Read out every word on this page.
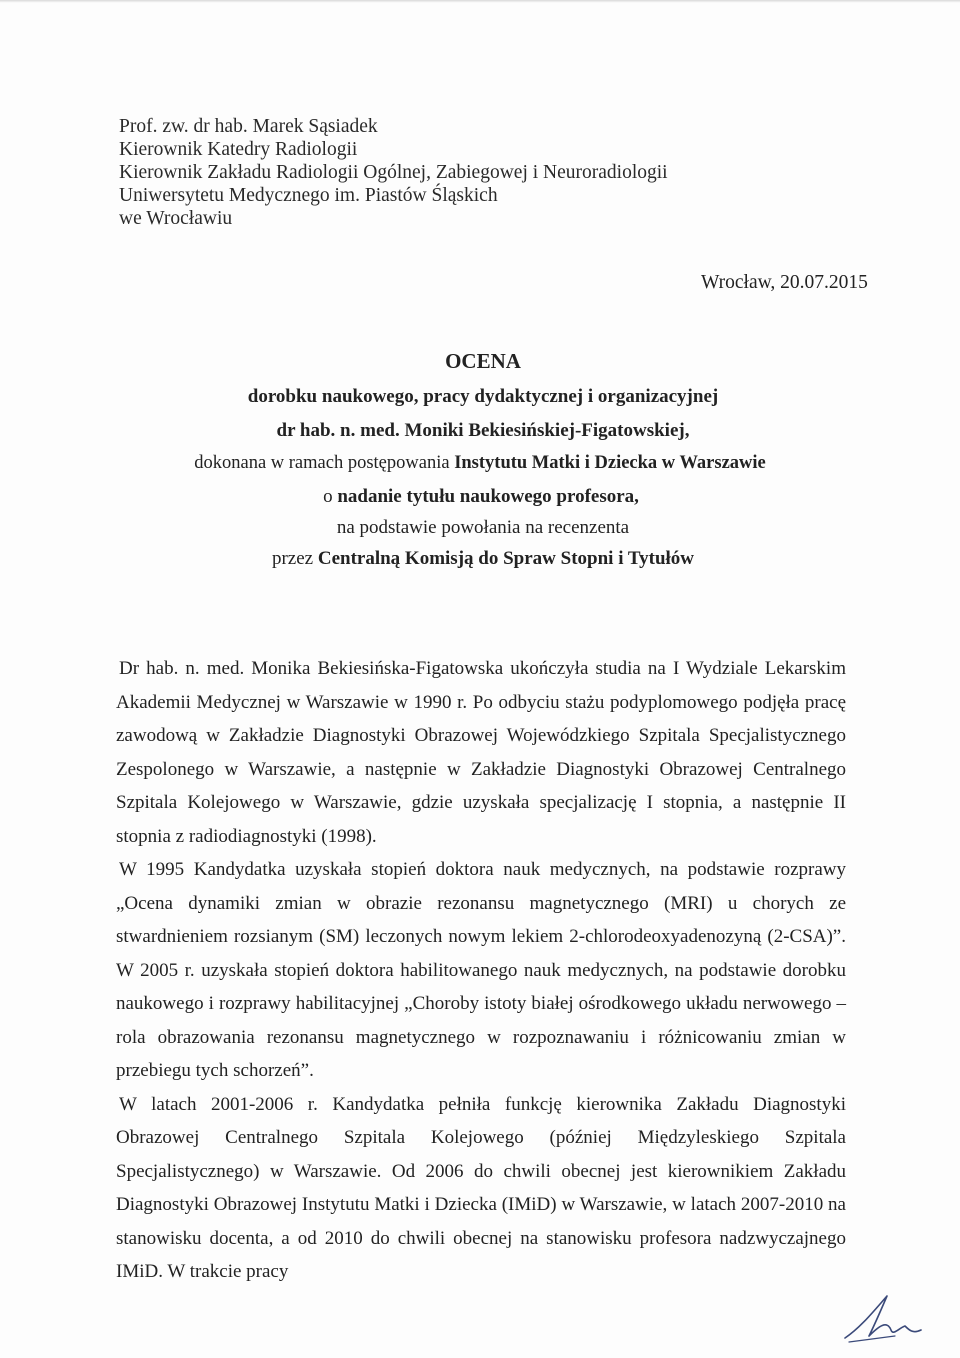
Prof. zw. dr hab. Marek Sąsiadek
Kierownik Katedry Radiologii
Kierownik Zakładu Radiologii Ogólnej, Zabiegowej i Neuroradiologii
Uniwersytetu Medycznego im. Piastów Śląskich
we Wrocławiu
Wrocław, 20.07.2015
OCENA
dorobku naukowego, pracy dydaktycznej i organizacyjnej
dr hab. n. med. Moniki Bekiesińskiej-Figatowskiej,
dokonana w ramach postępowania Instytutu Matki i Dziecka w Warszawie
o nadanie tytułu naukowego profesora,
na podstawie powołania na recenzenta
przez Centralną Komisją do Spraw Stopni i Tytułów

Dr hab. n. med. Monika Bekiesińska-Figatowska ukończyła studia na I Wydziale Lekarskim Akademii Medycznej w Warszawie w 1990 r. Po odbyciu stażu podyplomowego podjęła pracę zawodową w Zakładzie Diagnostyki Obrazowej Wojewódzkiego Szpitala Specjalistycznego Zespolonego w Warszawie, a następnie w Zakładzie Diagnostyki Obrazowej Centralnego Szpitala Kolejowego w Warszawie, gdzie uzyskała specjalizację I stopnia, a następnie II stopnia z radiodiagnostyki (1998).

W 1995 Kandydatka uzyskała stopień doktora nauk medycznych, na podstawie rozprawy „Ocena dynamiki zmian w obrazie rezonansu magnetycznego (MRI) u chorych ze stwardnieniem rozsianym (SM) leczonych nowym lekiem 2-chlorodeoxyadenozyną (2-CSA)”. W 2005 r. uzyskała stopień doktora habilitowanego nauk medycznych, na podstawie dorobku naukowego i rozprawy habilitacyjnej „Choroby istoty białej ośrodkowego układu nerwowego – rola obrazowania rezonansu magnetycznego w rozpoznawaniu i różnicowaniu zmian w przebiegu tych schorzeń”.

W latach 2001-2006 r. Kandydatka pełniła funkcję kierownika Zakładu Diagnostyki Obrazowej Centralnego Szpitala Kolejowego (później Międzyleskiego Szpitala Specjalistycznego) w Warszawie. Od 2006 do chwili obecnej jest kierownikiem Zakładu Diagnostyki Obrazowej Instytutu Matki i Dziecka (IMiD) w Warszawie, w latach 2007-2010 na stanowisku docenta, a od 2010 do chwili obecnej na stanowisku profesora nadzwyczajnego IMiD. W trakcie pracy
